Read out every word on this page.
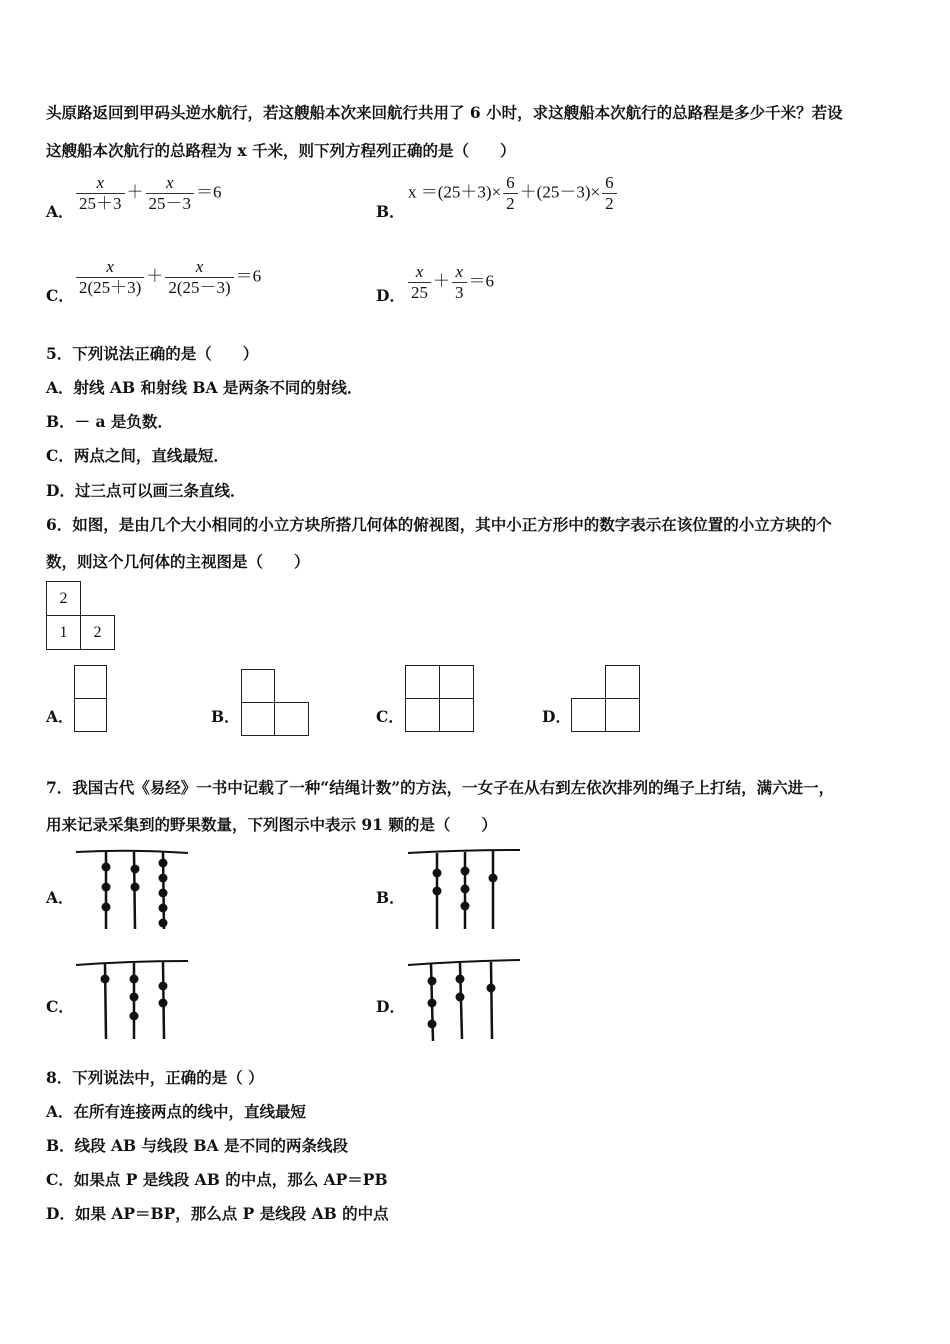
头原路返回到甲码头逆水航行，若这艘船本次来回航行共用了 6 小时，求这艘船本次航行的总路程是多少千米？若设
这艘船本次航行的总路程为 x 千米，则下列方程列正确的是（　　）
A． $\frac{x}{25+3} + \frac{x}{25-3} =6$
B．
$x =(25+3)\times \frac{6}{2} +(25-3)\times \frac{6}{2}$
C． $\frac{x}{2(25+3)} + \frac{x}{2(25-3)} =6$
D． $\frac{x}{25} + \frac{x}{3} =6$
5．下列说法正确的是（　　）
A．射线 AB 和射线 BA 是两条不同的射线．
B．－ a 是负数．
C．两点之间，直线最短．
D．过三点可以画三条直线．
6．如图，是由几个大小相同的小立方块所搭几何体的俯视图，其中小正方形中的数字表示在该位置的小立方块的个
数，则这个几何体的主视图是（　　）
2
1	2
A．	B．	C．	D．
7．我国古代《易经》一书中记载了一种“结绳计数”的方法，一女子在从右到左依次排列的绳子上打结，满六进一，
用来记录采集到的野果数量，下列图示中表示 91 颗的是（　　）
A．	B．
C．	D．
8．下列说法中，正确的是（ ）
A．在所有连接两点的线中，直线最短
B．线段 AB 与线段 BA 是不同的两条线段
C．如果点 P 是线段 AB 的中点，那么 AP＝PB
D．如果 AP＝BP，那么点 P 是线段 AB 的中点
